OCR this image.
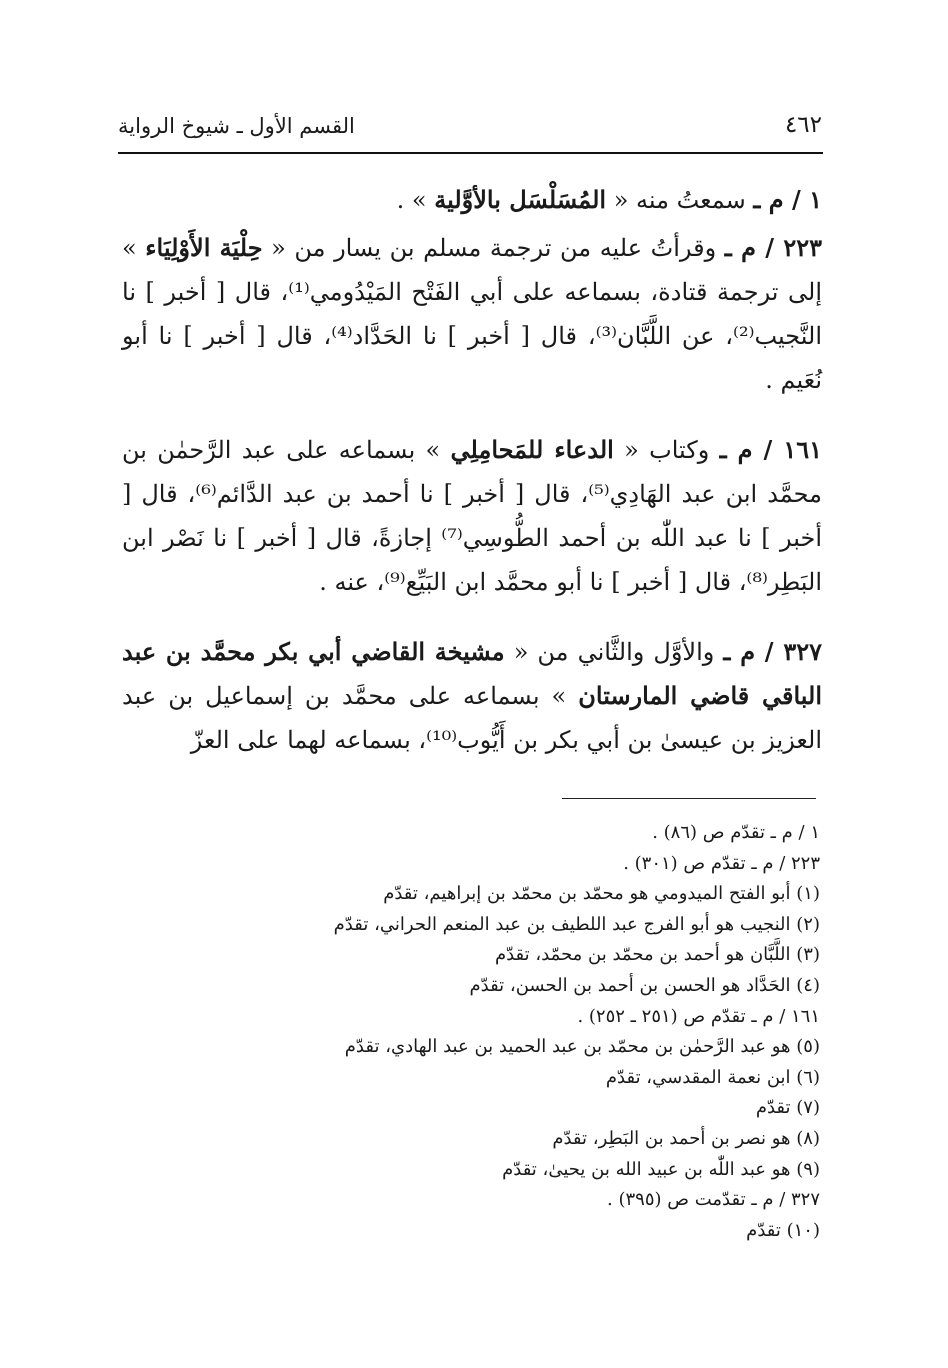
٤٦٢
القسم الأول ـ شيوخ الرواية

١ / م ـ سمعتُ منه « المُسَلْسَل بالأوَّلية » .

٢٢٣ / م ـ وقرأتُ عليه من ترجمة مسلم بن يسار من « حِلْيَة الأَوْلِيَاء » إلى ترجمة قتادة، بسماعه على أبي الفَتْح المَيْدُومي⁽¹⁾، قال [ أخبر ] نا النَّجيب⁽²⁾، عن اللَّبَّان⁽³⁾، قال [ أخبر ] نا الحَدَّاد⁽⁴⁾، قال [ أخبر ] نا أبو نُعَيم .

١٦١ / م ـ وكتاب « الدعاء للمَحامِلِي » بسماعه على عبد الرَّحمٰن بن محمَّد ابن عبد الهَادِي⁽⁵⁾، قال [ أخبر ] نا أحمد بن عبد الدَّائم⁽⁶⁾، قال [ أخبر ] نا عبد اللّٰه بن أحمد الطُّوسِي⁽⁷⁾ إجازةً، قال [ أخبر ] نا نَصْر ابن البَطِر⁽⁸⁾، قال [ أخبر ] نا أبو محمَّد ابن البَيِّع⁽⁹⁾، عنه .

٣٢٧ / م ـ والأوَّل والثَّاني من « مشيخة القاضي أبي بكر محمَّد بن عبد الباقي قاضي المارستان » بسماعه على محمَّد بن إسماعيل بن عبد العزيز بن عيسىٰ بن أبي بكر بن أَيُّوب⁽¹⁰⁾، بسماعه لهما على العزّ

١ / م ـ تقدّم ص (٨٦) .
٢٢٣ / م ـ تقدّم ص (٣٠١) .
(١) أبو الفتح الميدومي هو محمّد بن محمّد بن إبراهيم، تقدّم
(٢) النجيب هو أبو الفرج عبد اللطيف بن عبد المنعم الحراني، تقدّم
(٣) اللَّبَّان هو أحمد بن محمّد بن محمّد، تقدّم
(٤) الحَدَّاد هو الحسن بن أحمد بن الحسن، تقدّم
١٦١ / م ـ تقدّم ص (٢٥١ ـ ٢٥٢) .
(٥) هو عبد الرَّحمٰن بن محمّد بن عبد الحميد بن عبد الهادي، تقدّم
(٦) ابن نعمة المقدسي، تقدّم
(٧) تقدّم
(٨) هو نصر بن أحمد بن البَطِر، تقدّم
(٩) هو عبد اللّٰه بن عبيد الله بن يحيىٰ، تقدّم
٣٢٧ / م ـ تقدّمت ص (٣٩٥) .
(١٠) تقدّم
